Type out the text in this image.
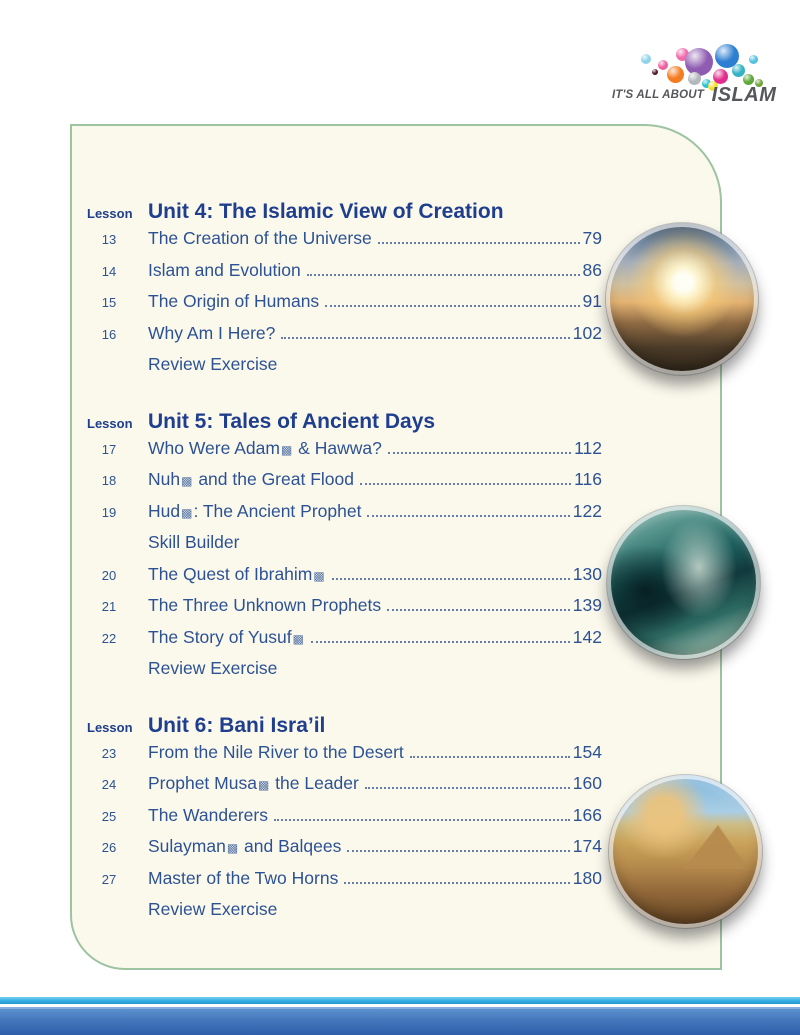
IT'S ALL ABOUT ISLAM
Lesson Unit 4: The Islamic View of Creation
13	The Creation of the Universe	79
14	Islam and Evolution	86
15	The Origin of Humans	91
16	Why Am I Here?	102
Review Exercise
Lesson Unit 5: Tales of Ancient Days
17	Who Were Adam ▩ & Hawwa?	112
18	Nuh ▩ and the Great Flood	116
19	Hud ▩ : The Ancient Prophet	122
Skill Builder
20	The Quest of Ibrahim ▩	130
21	The Three Unknown Prophets	139
22	The Story of Yusuf ▩	142
Review Exercise
Lesson Unit 6: Bani Isra’il
23	From the Nile River to the Desert	154
24	Prophet Musa ▩ the Leader	160
25	The Wanderers	166
26	Sulayman ▩ and Balqees	174
27	Master of the Two Horns	180
Review Exercise
